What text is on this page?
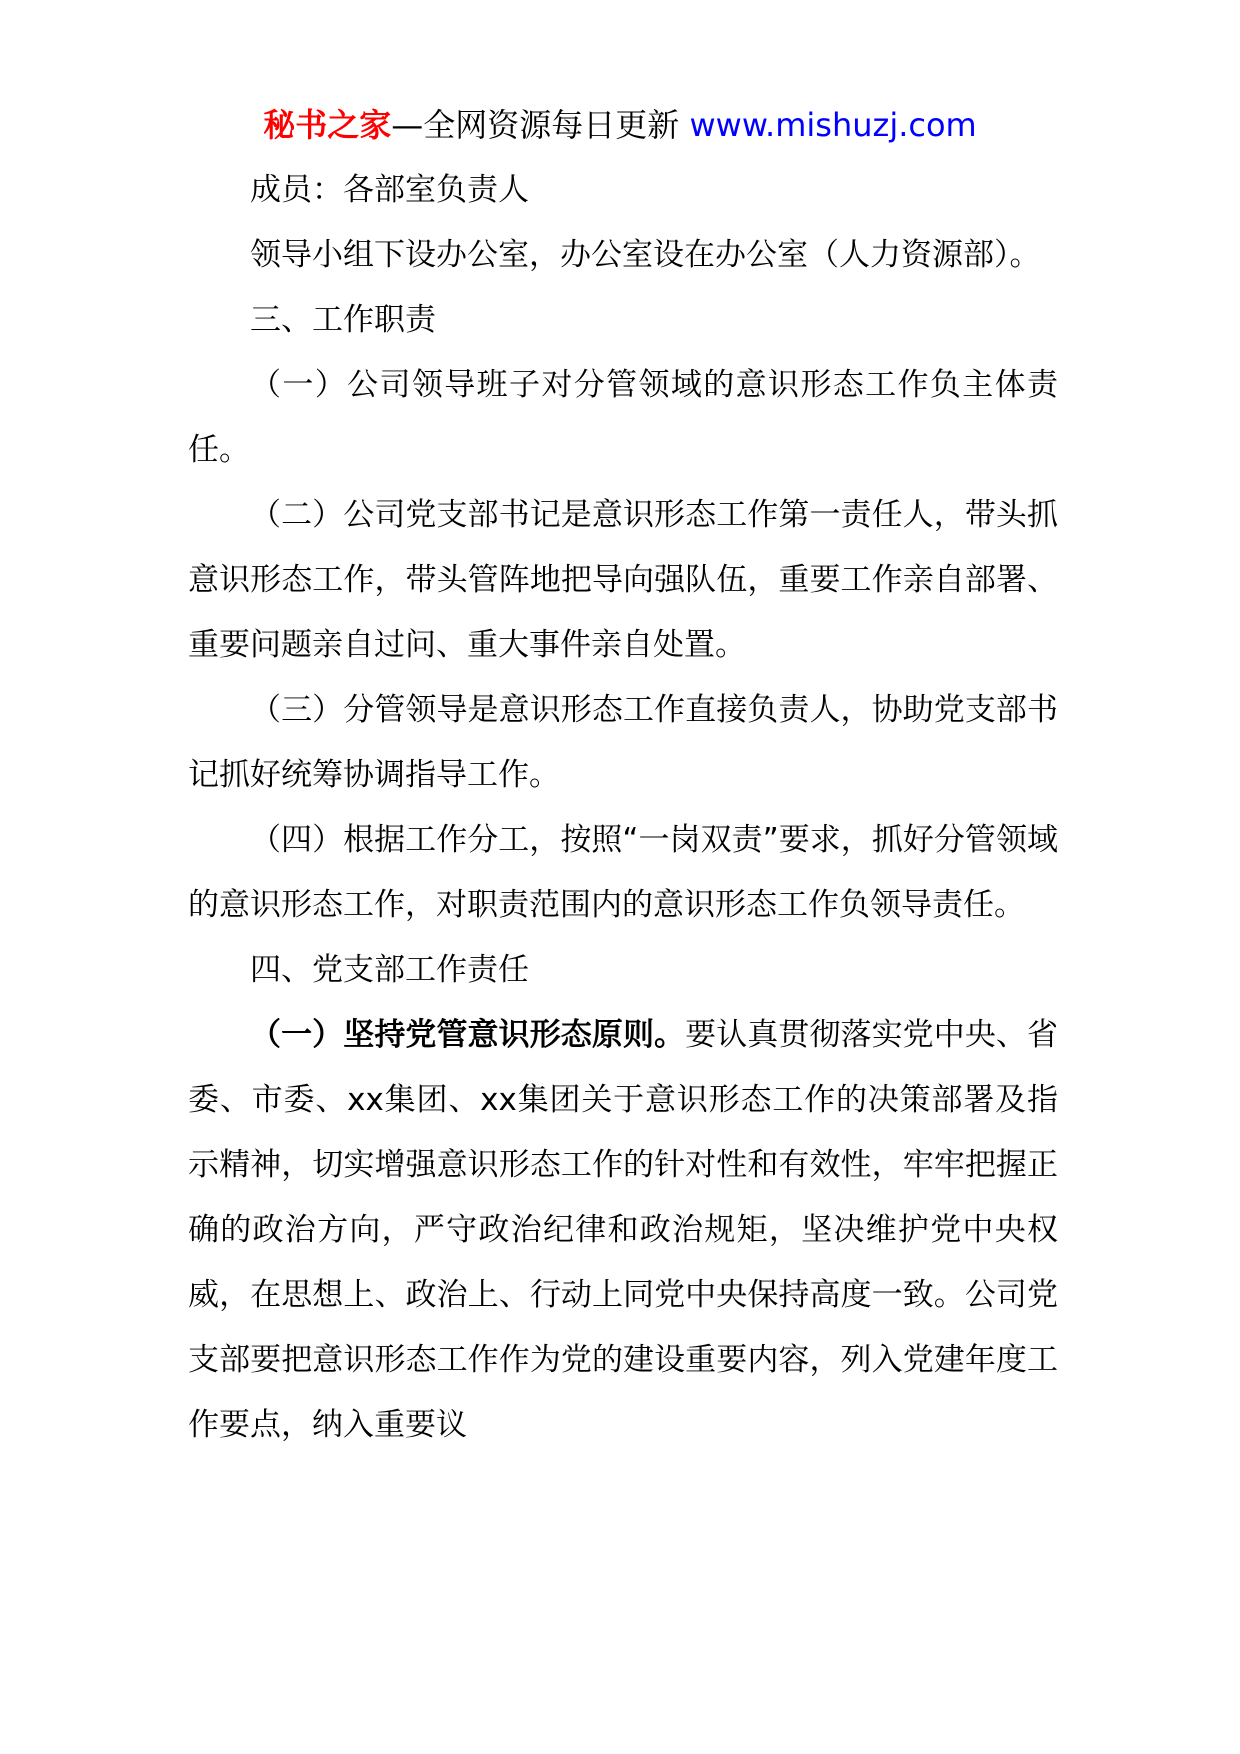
秘书之家—全网资源每日更新 www.mishuzj.com

成员：各部室负责人

领导小组下设办公室，办公室设在办公室（人力资源部）。

三、工作职责

（一）公司领导班子对分管领域的意识形态工作负主体责任。

（二）公司党支部书记是意识形态工作第一责任人，带头抓意识形态工作，带头管阵地把导向强队伍，重要工作亲自部署、重要问题亲自过问、重大事件亲自处置。

（三）分管领导是意识形态工作直接负责人，协助党支部书记抓好统筹协调指导工作。

（四）根据工作分工，按照“一岗双责”要求，抓好分管领域的意识形态工作，对职责范围内的意识形态工作负领导责任。

四、党支部工作责任

（一）坚持党管意识形态原则。要认真贯彻落实党中央、省委、市委、xx集团、xx集团关于意识形态工作的决策部署及指示精神，切实增强意识形态工作的针对性和有效性，牢牢把握正确的政治方向，严守政治纪律和政治规矩，坚决维护党中央权威，在思想上、政治上、行动上同党中央保持高度一致。公司党支部要把意识形态工作作为党的建设重要内容，列入党建年度工作要点，纳入重要议
